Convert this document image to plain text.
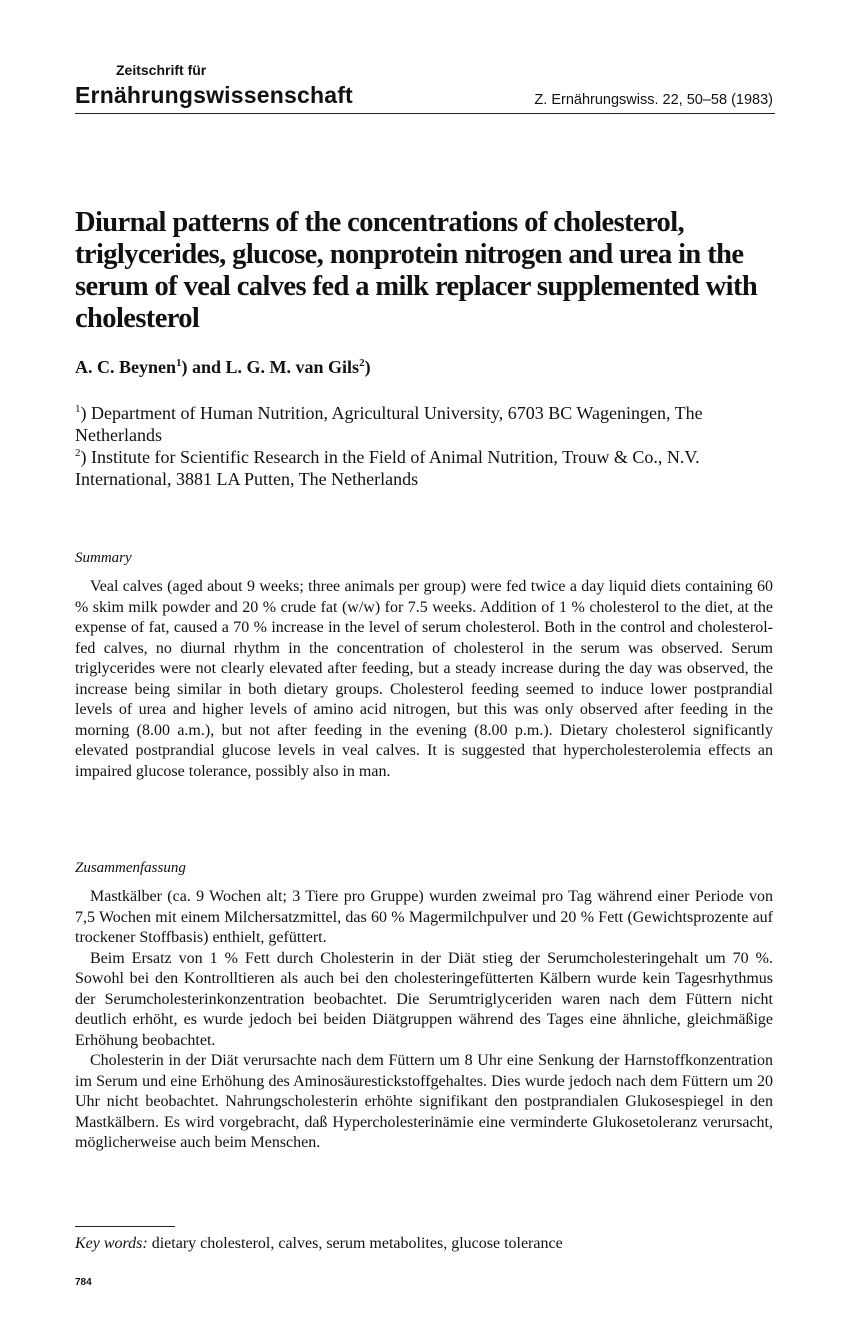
Zeitschrift für
Ernährungswissenschaft	Z. Ernährungswiss. 22, 50–58 (1983)
Diurnal patterns of the concentrations of cholesterol, triglycerides, glucose, nonprotein nitrogen and urea in the serum of veal calves fed a milk replacer supplemented with cholesterol
A. C. Beynen$^1$) and L. G. M. van Gils$^2$)
$^1$) Department of Human Nutrition, Agricultural University, 6703 BC Wageningen, The Netherlands
$^2$) Institute for Scientific Research in the Field of Animal Nutrition, Trouw & Co., N.V. International, 3881 LA Putten, The Netherlands
Summary

Veal calves (aged about 9 weeks; three animals per group) were fed twice a day liquid diets containing 60 % skim milk powder and 20 % crude fat (w/w) for 7.5 weeks. Addition of 1 % cholesterol to the diet, at the expense of fat, caused a 70 % increase in the level of serum cholesterol. Both in the control and cholesterol-fed calves, no diurnal rhythm in the concentration of cholesterol in the serum was observed. Serum triglycerides were not clearly elevated after feeding, but a steady increase during the day was observed, the increase being similar in both dietary groups. Cholesterol feeding seemed to induce lower postprandial levels of urea and higher levels of amino acid nitrogen, but this was only observed after feeding in the morning (8.00 a.m.), but not after feeding in the evening (8.00 p.m.). Dietary cholesterol significantly elevated postprandial glucose levels in veal calves. It is suggested that hypercholesterolemia effects an impaired glucose tolerance, possibly also in man.

Zusammenfassung

Mastkälber (ca. 9 Wochen alt; 3 Tiere pro Gruppe) wurden zweimal pro Tag während einer Periode von 7,5 Wochen mit einem Milchersatzmittel, das 60 % Magermilchpulver und 20 % Fett (Gewichtsprozente auf trockener Stoffbasis) enthielt, gefüttert.

Beim Ersatz von 1 % Fett durch Cholesterin in der Diät stieg der Serumcholesteringehalt um 70 %. Sowohl bei den Kontrolltieren als auch bei den cholesteringefütterten Kälbern wurde kein Tagesrhythmus der Serumcholesterinkonzentration beobachtet. Die Serumtriglyceriden waren nach dem Füttern nicht deutlich erhöht, es wurde jedoch bei beiden Diätgruppen während des Tages eine ähnliche, gleichmäßige Erhöhung beobachtet.

Cholesterin in der Diät verursachte nach dem Füttern um 8 Uhr eine Senkung der Harnstoffkonzentration im Serum und eine Erhöhung des Aminosäurestickstoffgehaltes. Dies wurde jedoch nach dem Füttern um 20 Uhr nicht beobachtet. Nahrungscholesterin erhöhte signifikant den postprandialen Glukosespiegel in den Mastkälbern. Es wird vorgebracht, daß Hypercholesterinämie eine verminderte Glukosetoleranz verursacht, möglicherweise auch beim Menschen.

Key words: dietary cholesterol, calves, serum metabolites, glucose tolerance
784
